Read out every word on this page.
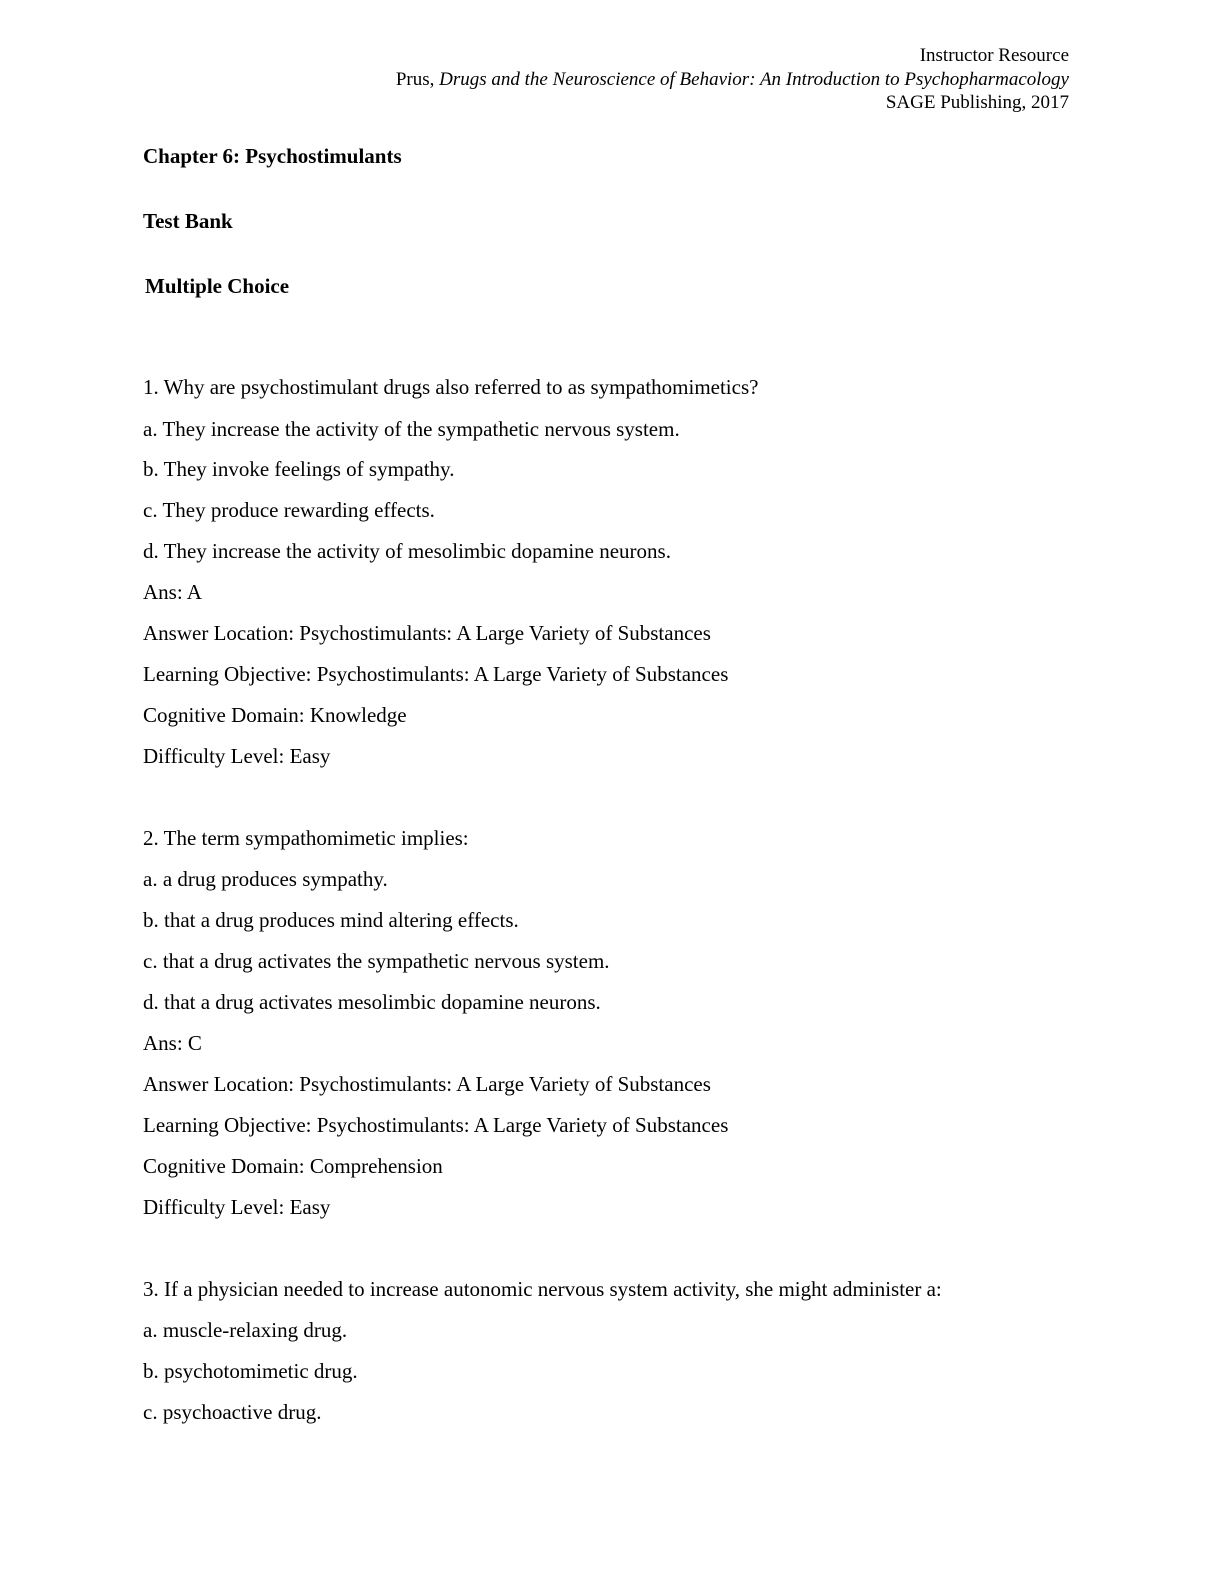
Instructor Resource
Prus, Drugs and the Neuroscience of Behavior: An Introduction to Psychopharmacology
SAGE Publishing, 2017
Chapter 6: Psychostimulants
Test Bank
Multiple Choice
1. Why are psychostimulant drugs also referred to as sympathomimetics?
a. They increase the activity of the sympathetic nervous system.
b. They invoke feelings of sympathy.
c. They produce rewarding effects.
d. They increase the activity of mesolimbic dopamine neurons.
Ans: A
Answer Location: Psychostimulants: A Large Variety of Substances
Learning Objective: Psychostimulants: A Large Variety of Substances
Cognitive Domain: Knowledge
Difficulty Level: Easy
2. The term sympathomimetic implies:
a. a drug produces sympathy.
b. that a drug produces mind altering effects.
c. that a drug activates the sympathetic nervous system.
d. that a drug activates mesolimbic dopamine neurons.
Ans: C
Answer Location: Psychostimulants: A Large Variety of Substances
Learning Objective: Psychostimulants: A Large Variety of Substances
Cognitive Domain: Comprehension
Difficulty Level: Easy
3. If a physician needed to increase autonomic nervous system activity, she might administer a:
a. muscle-relaxing drug.
b. psychotomimetic drug.
c. psychoactive drug.
